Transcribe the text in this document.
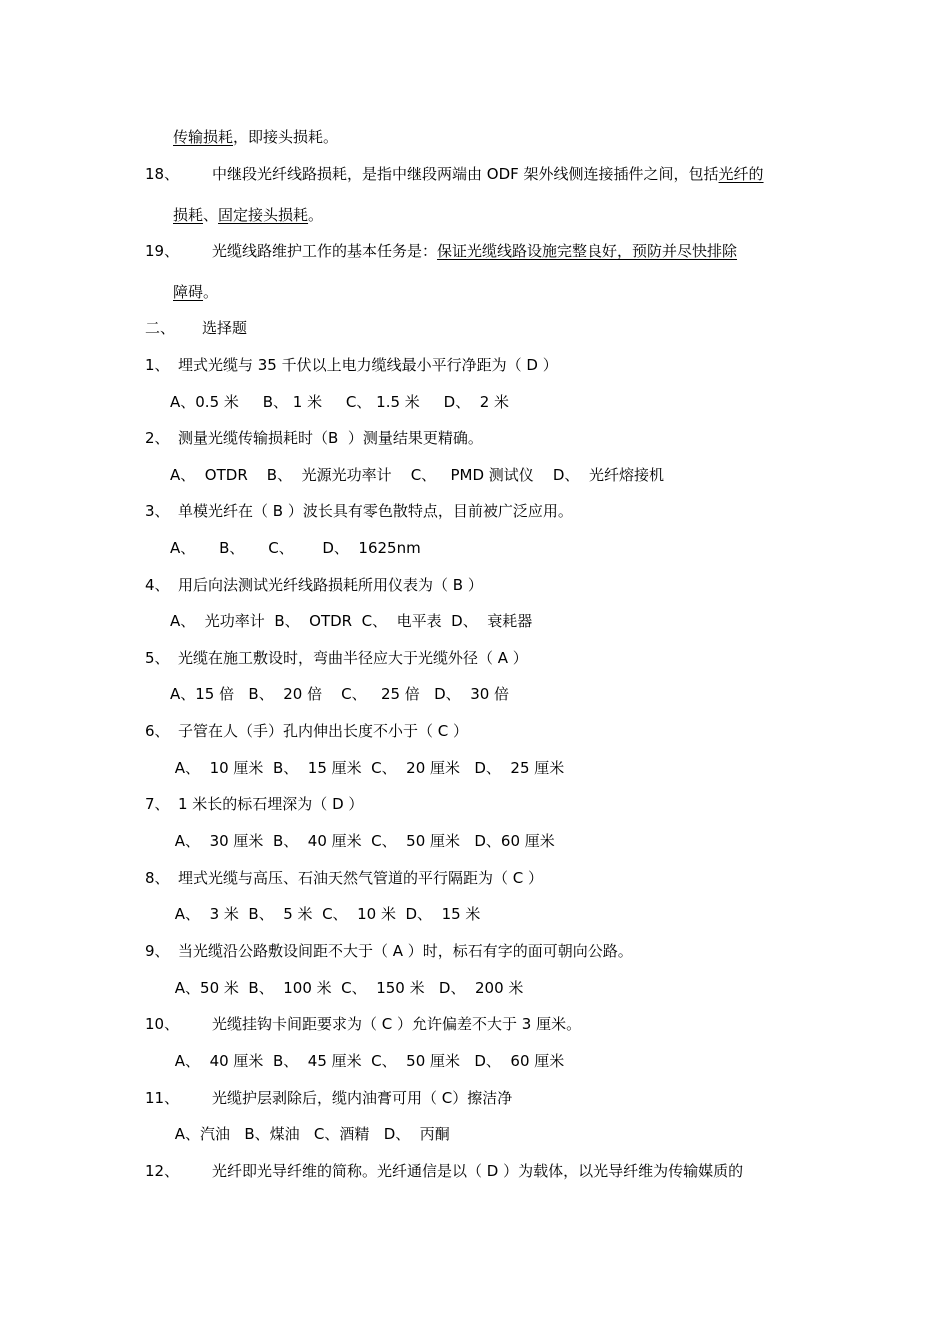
传输损耗，即接头损耗。
18、 中继段光纤线路损耗，是指中继段两端由 ODF 架外线侧连接插件之间，包括光纤的
损耗、固定接头损耗。
19、 光缆线路维护工作的基本任务是：保证光缆线路设施完整良好，预防并尽快排除
障碍。
二、 选择题
1、 埋式光缆与 35 千伏以上电力缆线最小平行净距为（ D ）
A、0.5 米     B、 1 米     C、 1.5 米     D、  2 米
2、 测量光缆传输损耗时（B  ）测量结果更精确。
A、  OTDR    B、  光源光功率计    C、   PMD 测试仪    D、  光纤熔接机
3、 单模光纤在（ B ）波长具有零色散特点，目前被广泛应用。
A、     B、     C、      D、  1625nm
4、 用后向法测试光纤线路损耗所用仪表为（ B ）
A、  光功率计  B、  OTDR  C、  电平表  D、  衰耗器
5、 光缆在施工敷设时，弯曲半径应大于光缆外径（ A ）
A、15 倍   B、  20 倍    C、   25 倍   D、  30 倍
6、 子管在人（手）孔内伸出长度不小于（ C ）
A、  10 厘米  B、  15 厘米  C、  20 厘米   D、  25 厘米
7、 1 米长的标石埋深为（ D ）
A、  30 厘米  B、  40 厘米  C、  50 厘米   D、60 厘米
8、 埋式光缆与高压、石油天然气管道的平行隔距为（ C ）
A、  3 米  B、  5 米  C、  10 米  D、  15 米
9、 当光缆沿公路敷设间距不大于（ A ）时，标石有字的面可朝向公路。
A、50 米  B、  100 米  C、  150 米   D、  200 米
10、 光缆挂钩卡间距要求为（ C ）允许偏差不大于 3 厘米。
A、  40 厘米  B、  45 厘米  C、  50 厘米   D、  60 厘米
11、 光缆护层剥除后，缆内油膏可用（ C）擦洁净
A、汽油   B、煤油   C、酒精   D、  丙酮
12、 光纤即光导纤维的简称。光纤通信是以（ D ）为载体，以光导纤维为传输媒质的
